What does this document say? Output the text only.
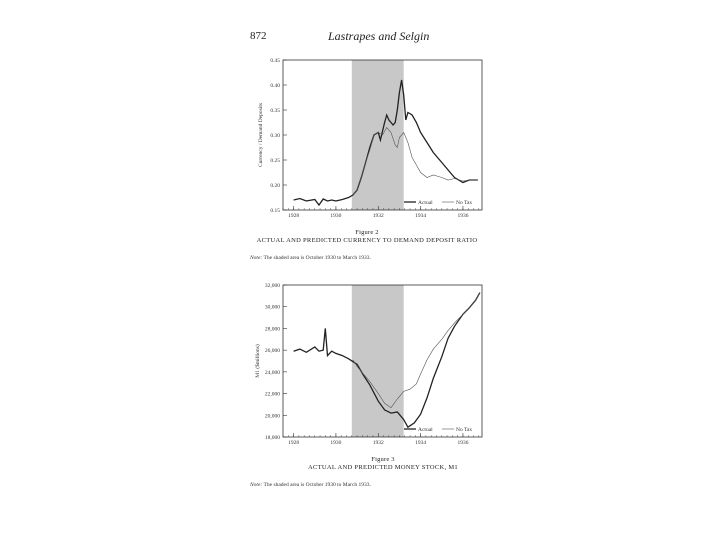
872	Lastrapes and Selgin
0.15
0.20
0.25
0.30
0.35
0.40
0.45
1928	1930	1932	1934	1936
Currency / Demand Deposits
Actual	No Tax
18,000
20,000
22,000
24,000
26,000
28,000
30,000
32,000
1928	1930	1932	1934	1936
M1 ($millions)
Actual	No Tax
Figure 2
ACTUAL AND PREDICTED CURRENCY TO DEMAND DEPOSIT RATIO
Note: The shaded area is October 1930 to March 1933.
Figure 3
ACTUAL AND PREDICTED MONEY STOCK, M1
Note: The shaded area is October 1930 to March 1933.
